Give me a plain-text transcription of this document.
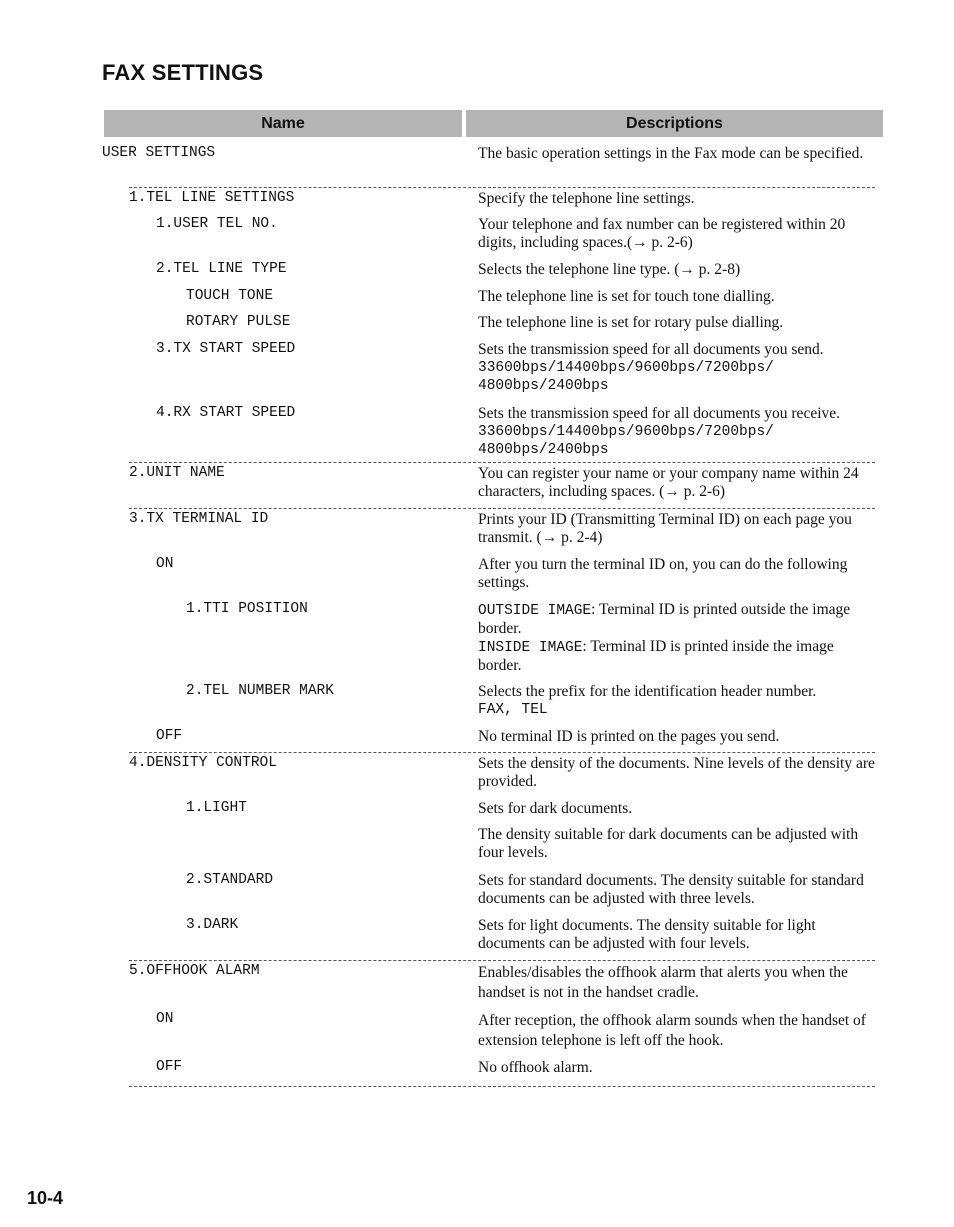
FAX SETTINGS
Name	Descriptions
USER SETTINGS	The basic operation settings in the Fax mode can be specified.
1.TEL LINE SETTINGS	Specify the telephone line settings.
1.USER TEL NO.	Your telephone and fax number can be registered within 20 digits, including spaces.(→ p. 2-6)
2.TEL LINE TYPE	Selects the telephone line type. (→ p. 2-8)
TOUCH TONE	The telephone line is set for touch tone dialling.
ROTARY PULSE	The telephone line is set for rotary pulse dialling.
3.TX START SPEED	Sets the transmission speed for all documents you send.
33600bps/14400bps/9600bps/7200bps/
4800bps/2400bps
4.RX START SPEED	Sets the transmission speed for all documents you receive.
33600bps/14400bps/9600bps/7200bps/
4800bps/2400bps
2.UNIT NAME	You can register your name or your company name within 24 characters, including spaces. (→ p. 2-6)
3.TX TERMINAL ID	Prints your ID (Transmitting Terminal ID) on each page you transmit. (→ p. 2-4)
ON	After you turn the terminal ID on, you can do the following settings.
1.TTI POSITION	OUTSIDE IMAGE: Terminal ID is printed outside the image border.
INSIDE IMAGE: Terminal ID is printed inside the image border.
2.TEL NUMBER MARK	Selects the prefix for the identification header number.
FAX, TEL
OFF	No terminal ID is printed on the pages you send.
4.DENSITY CONTROL	Sets the density of the documents. Nine levels of the density are provided.
1.LIGHT	Sets for dark documents.
The density suitable for dark documents can be adjusted with four levels.
2.STANDARD	Sets for standard documents. The density suitable for standard documents can be adjusted with three levels.
3.DARK	Sets for light documents. The density suitable for light documents can be adjusted with four levels.
5.OFFHOOK ALARM	Enables/disables the offhook alarm that alerts you when the handset is not in the handset cradle.
ON	After reception, the offhook alarm sounds when the handset of extension telephone is left off the hook.
OFF	No offhook alarm.
10-4
